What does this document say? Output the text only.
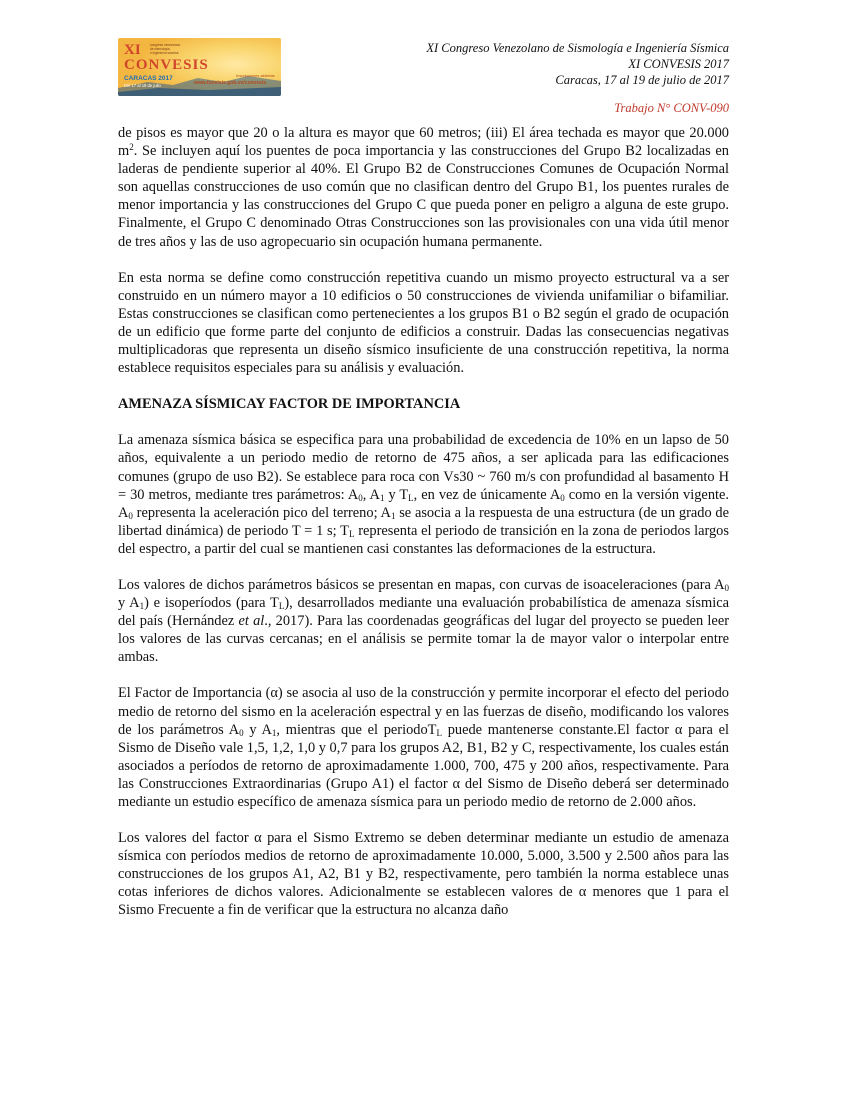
XI
CONVESIS
congreso venezolano
de sismología
e ingeniería sísmica
CARACAS 2017
Del 17 al 19 de julio
Inscripciones abiertas
www.funvisis.gob.ve/convesis
XI Congreso Venezolano de Sismología e Ingeniería Sísmica
XI CONVESIS 2017
Caracas, 17 al 19 de julio de 2017
Trabajo N° CONV-090

de pisos es mayor que 20 o la altura es mayor que 60 metros; (iii) El área techada es mayor que 20.000 $m^2$. Se incluyen aquí los puentes de poca importancia y las construcciones del Grupo B2 localizadas en laderas de pendiente superior al 40%. El Grupo B2 de Construcciones Comunes de Ocupación Normal son aquellas construcciones de uso común que no clasifican dentro del Grupo B1, los puentes rurales de menor importancia y las construcciones del Grupo C que pueda poner en peligro a alguna de este grupo. Finalmente, el Grupo C denominado Otras Construcciones son las provisionales con una vida útil menor de tres años y las de uso agropecuario sin ocupación humana permanente.

En esta norma se define como construcción repetitiva cuando un mismo proyecto estructural va a ser construido en un número mayor a 10 edificios o 50 construcciones de vivienda unifamiliar o bifamiliar. Estas construcciones se clasifican como pertenecientes a los grupos B1 o B2 según el grado de ocupación de un edificio que forme parte del conjunto de edificios a construir. Dadas las consecuencias negativas multiplicadoras que representa un diseño sísmico insuficiente de una construcción repetitiva, la norma establece requisitos especiales para su análisis y evaluación.

AMENAZA SÍSMICAY FACTOR DE IMPORTANCIA

La amenaza sísmica básica se especifica para una probabilidad de excedencia de 10% en un lapso de 50 años, equivalente a un periodo medio de retorno de 475 años, a ser aplicada para las edificaciones comunes (grupo de uso B2). Se establece para roca con Vs30 ~ 760 m/s con profundidad al basamento H = 30 metros, mediante tres parámetros: $A_0$, $A_1$ y $T_L$, en vez de únicamente $A_0$ como en la versión vigente. $A_0$ representa la aceleración pico del terreno; $A_1$ se asocia a la respuesta de una estructura (de un grado de libertad dinámica) de periodo T = 1 s; $T_L$ representa el periodo de transición en la zona de periodos largos del espectro, a partir del cual se mantienen casi constantes las deformaciones de la estructura.

Los valores de dichos parámetros básicos se presentan en mapas, con curvas de isoaceleraciones (para $A_0$ y $A_1$) e isoperíodos (para $T_L$), desarrollados mediante una evaluación probabilística de amenaza sísmica del país (Hernández et al., 2017). Para las coordenadas geográficas del lugar del proyecto se pueden leer los valores de las curvas cercanas; en el análisis se permite tomar la de mayor valor o interpolar entre ambas.

El Factor de Importancia (α) se asocia al uso de la construcción y permite incorporar el efecto del periodo medio de retorno del sismo en la aceleración espectral y en las fuerzas de diseño, modificando los valores de los parámetros $A_0$ y $A_1$, mientras que el periodoT$_L$ puede mantenerse constante.El factor α para el Sismo de Diseño vale 1,5, 1,2, 1,0 y 0,7 para los grupos A2, B1, B2 y C, respectivamente, los cuales están asociados a períodos de retorno de aproximadamente 1.000, 700, 475 y 200 años, respectivamente. Para las Construcciones Extraordinarias (Grupo A1) el factor α del Sismo de Diseño deberá ser determinado mediante un estudio específico de amenaza sísmica para un periodo medio de retorno de 2.000 años.

Los valores del factor α para el Sismo Extremo se deben determinar mediante un estudio de amenaza sísmica con períodos medios de retorno de aproximadamente 10.000, 5.000, 3.500 y 2.500 años para las construcciones de los grupos A1, A2, B1 y B2, respectivamente, pero también la norma establece unas cotas inferiores de dichos valores. Adicionalmente se establecen valores de α menores que 1 para el Sismo Frecuente a fin de verificar que la estructura no alcanza daño
